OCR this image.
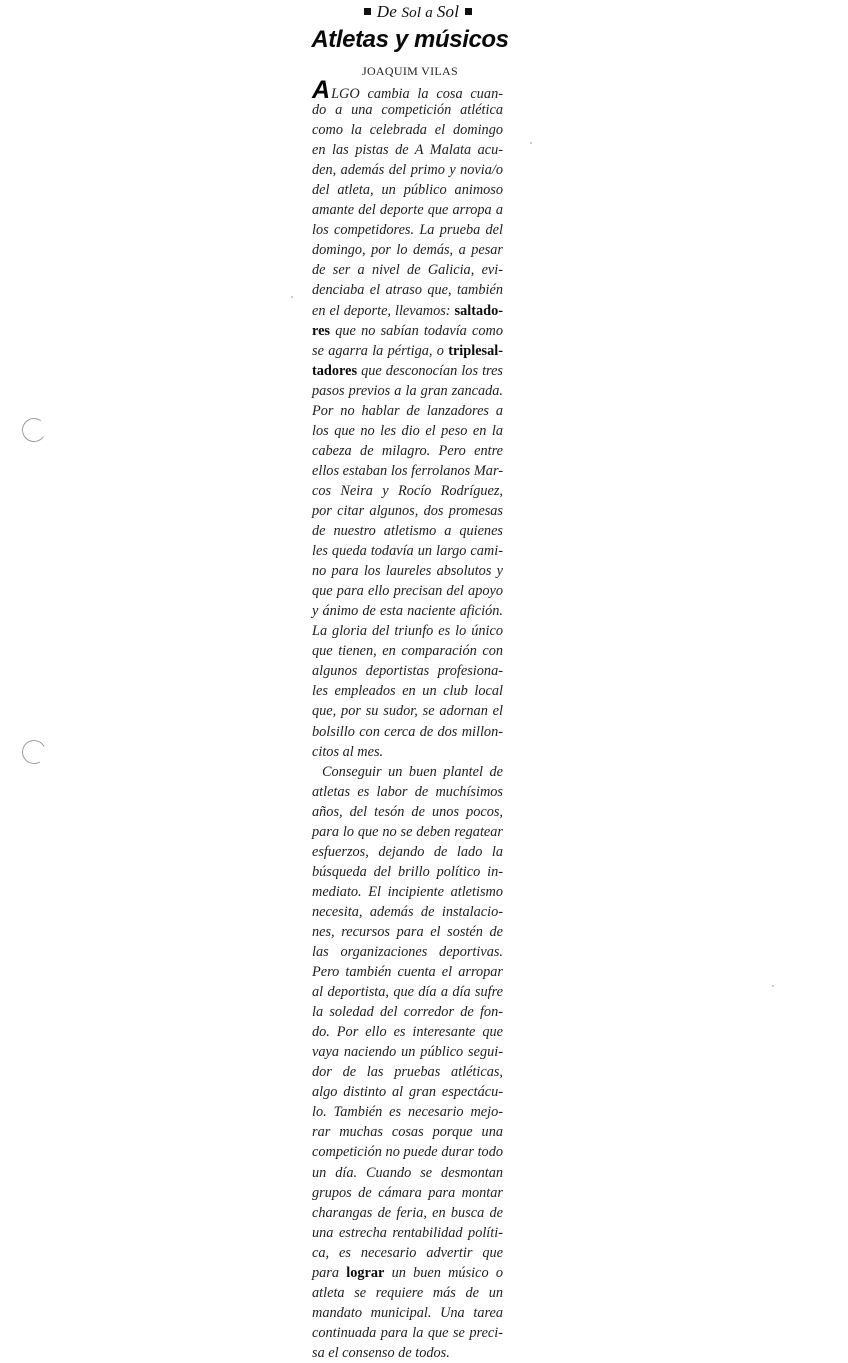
De Sol a Sol
Atletas y músicos
JOAQUIM VILAS
ALGO cambia la cosa cuan-
do a una competición atlética
como la celebrada el domingo
en las pistas de A Malata acu-
den, además del primo y novia/o
del atleta, un público animoso
amante del deporte que arropa a
los competidores. La prueba del
domingo, por lo demás, a pesar
de ser a nivel de Galicia, evi-
denciaba el atraso que, también
en el deporte, llevamos: saltado-
res que no sabían todavía como
se agarra la pértiga, o triplesal-
tadores que desconocían los tres
pasos previos a la gran zancada.
Por no hablar de lanzadores a
los que no les dio el peso en la
cabeza de milagro. Pero entre
ellos estaban los ferrolanos Mar-
cos Neira y Rocío Rodríguez,
por citar algunos, dos promesas
de nuestro atletismo a quienes
les queda todavía un largo cami-
no para los laureles absolutos y
que para ello precisan del apoyo
y ánimo de esta naciente afición.
La gloria del triunfo es lo único
que tienen, en comparación con
algunos deportistas profesiona-
les empleados en un club local
que, por su sudor, se adornan el
bolsillo con cerca de dos millon-
citos al mes.
Conseguir un buen plantel de
atletas es labor de muchísimos
años, del tesón de unos pocos,
para lo que no se deben regatear
esfuerzos, dejando de lado la
búsqueda del brillo político in-
mediato. El incipiente atletismo
necesita, además de instalacio-
nes, recursos para el sostén de
las organizaciones deportivas.
Pero también cuenta el arropar
al deportista, que día a día sufre
la soledad del corredor de fon-
do. Por ello es interesante que
vaya naciendo un público segui-
dor de las pruebas atléticas,
algo distinto al gran espectácu-
lo. También es necesario mejo-
rar muchas cosas porque una
competición no puede durar todo
un día. Cuando se desmontan
grupos de cámara para montar
charangas de feria, en busca de
una estrecha rentabilidad políti-
ca, es necesario advertir que
para lograr un buen músico o
atleta se requiere más de un
mandato municipal. Una tarea
continuada para la que se preci-
sa el consenso de todos.
